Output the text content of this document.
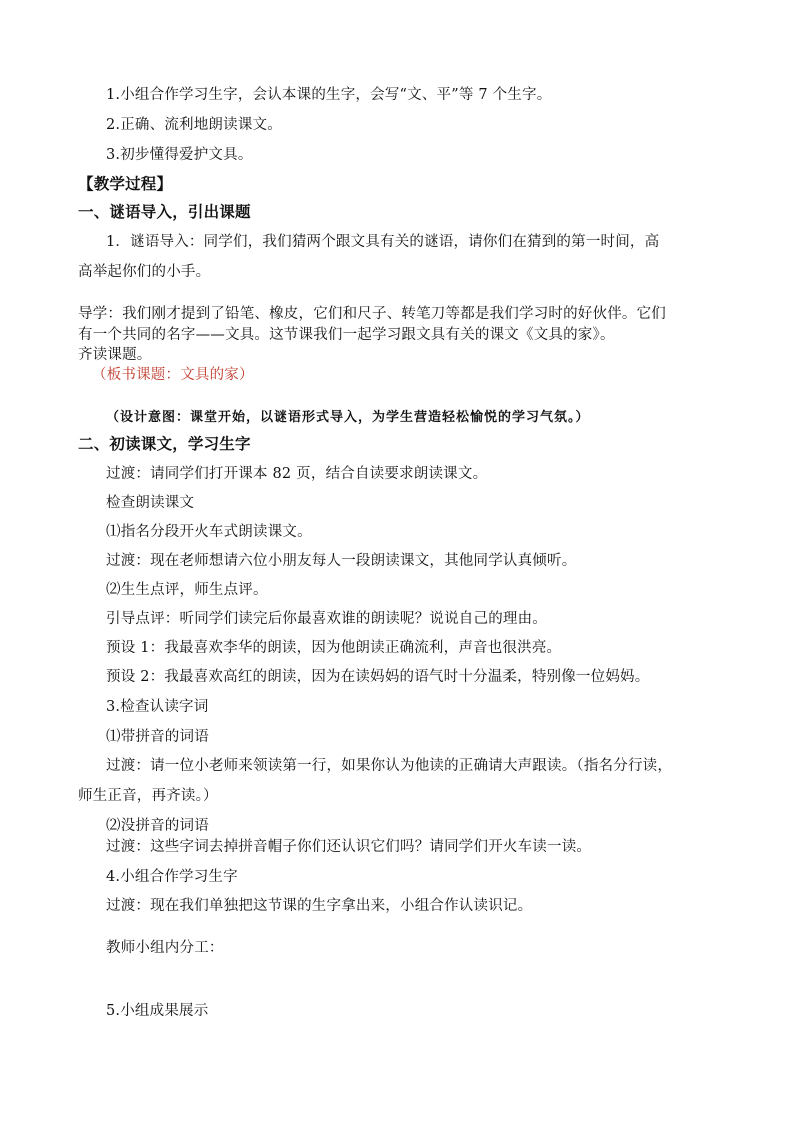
1.小组合作学习生字，会认本课的生字，会写“文、平”等 7 个生字。
2.正确、流利地朗读课文。
3.初步懂得爱护文具。
【教学过程】
一、谜语导入，引出课题
1．谜语导入：同学们，我们猜两个跟文具有关的谜语，请你们在猜到的第一时间，高
高举起你们的小手。
导学：我们刚才提到了铅笔、橡皮，它们和尺子、转笔刀等都是我们学习时的好伙伴。它们
有一个共同的名字——文具。这节课我们一起学习跟文具有关的课文《文具的家》。
齐读课题。
（板书课题：文具的家）
（设计意图：课堂开始，以谜语形式导入，为学生营造轻松愉悦的学习气氛。）
二、初读课文，学习生字
过渡：请同学们打开课本 82 页，结合自读要求朗读课文。
检查朗读课文
⑴指名分段开火车式朗读课文。
过渡：现在老师想请六位小朋友每人一段朗读课文，其他同学认真倾听。
⑵生生点评，师生点评。
引导点评：听同学们读完后你最喜欢谁的朗读呢？说说自己的理由。
预设 1：我最喜欢李华的朗读，因为他朗读正确流利，声音也很洪亮。
预设 2：我最喜欢高红的朗读，因为在读妈妈的语气时十分温柔，特别像一位妈妈。
3.检查认读字词
⑴带拼音的词语
过渡：请一位小老师来领读第一行，如果你认为他读的正确请大声跟读。（指名分行读，
师生正音，再齐读。）
⑵没拼音的词语
过渡：这些字词去掉拼音帽子你们还认识它们吗？请同学们开火车读一读。
4.小组合作学习生字
过渡：现在我们单独把这节课的生字拿出来，小组合作认读识记。
教师小组内分工：
5.小组成果展示
